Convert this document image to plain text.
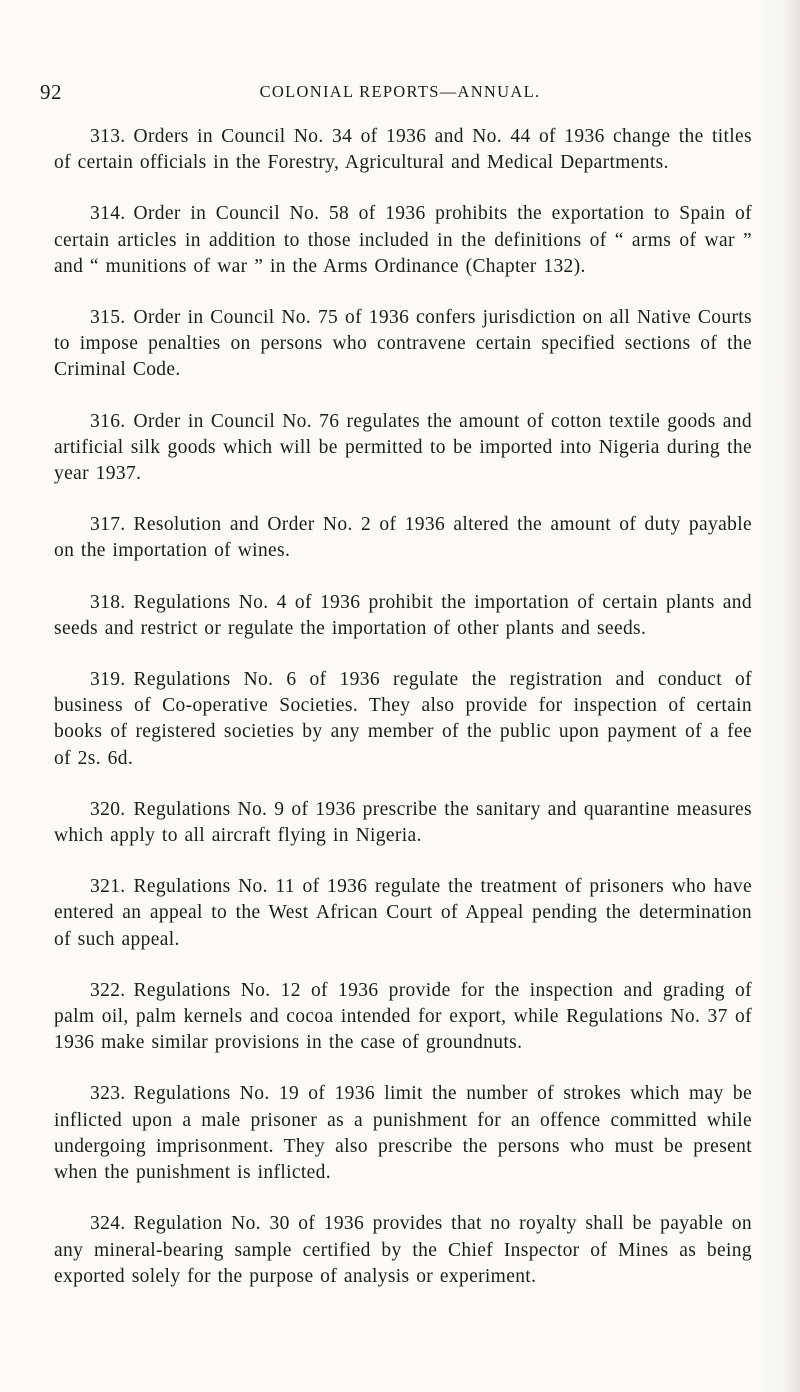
92	COLONIAL REPORTS—ANNUAL.

313. Orders in Council No. 34 of 1936 and No. 44 of 1936 change the titles of certain officials in the Forestry, Agricultural and Medical Departments.

314. Order in Council No. 58 of 1936 prohibits the exportation to Spain of certain articles in addition to those included in the definitions of “ arms of war ” and “ munitions of war ” in the Arms Ordinance (Chapter 132).

315. Order in Council No. 75 of 1936 confers jurisdiction on all Native Courts to impose penalties on persons who contravene certain specified sections of the Criminal Code.

316. Order in Council No. 76 regulates the amount of cotton textile goods and artificial silk goods which will be permitted to be imported into Nigeria during the year 1937.

317. Resolution and Order No. 2 of 1936 altered the amount of duty payable on the importation of wines.

318. Regulations No. 4 of 1936 prohibit the importation of certain plants and seeds and restrict or regulate the importation of other plants and seeds.

319. Regulations No. 6 of 1936 regulate the registration and conduct of business of Co-operative Societies. They also provide for inspection of certain books of registered societies by any member of the public upon payment of a fee of 2s. 6d.

320. Regulations No. 9 of 1936 prescribe the sanitary and quarantine measures which apply to all aircraft flying in Nigeria.

321. Regulations No. 11 of 1936 regulate the treatment of prisoners who have entered an appeal to the West African Court of Appeal pending the determination of such appeal.

322. Regulations No. 12 of 1936 provide for the inspection and grading of palm oil, palm kernels and cocoa intended for export, while Regulations No. 37 of 1936 make similar provisions in the case of groundnuts.

323. Regulations No. 19 of 1936 limit the number of strokes which may be inflicted upon a male prisoner as a punishment for an offence committed while undergoing imprisonment. They also prescribe the persons who must be present when the punishment is inflicted.

324. Regulation No. 30 of 1936 provides that no royalty shall be payable on any mineral-bearing sample certified by the Chief Inspector of Mines as being exported solely for the purpose of analysis or experiment.
